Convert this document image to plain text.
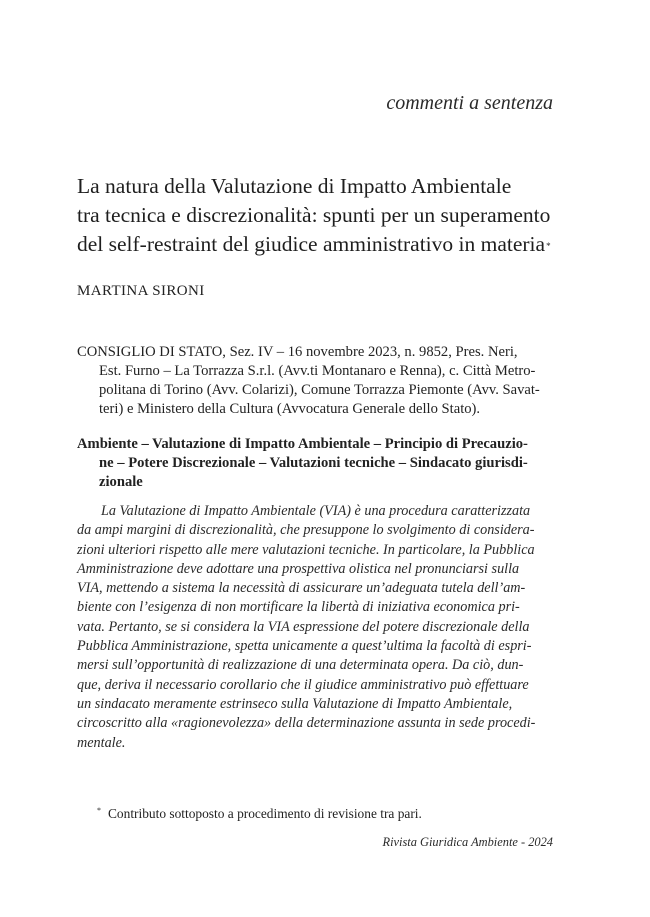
commenti a sentenza
La natura della Valutazione di Impatto Ambientale
tra tecnica e discrezionalità: spunti per un superamento
del self-restraint del giudice amministrativo in materia*
MARTINA SIRONI
CONSIGLIO DI STATO, Sez. IV – 16 novembre 2023, n. 9852, Pres. Neri,
Est. Furno – La Torrazza S.r.l. (Avv.ti Montanaro e Renna), c. Città Metro-
politana di Torino (Avv. Colarizi), Comune Torrazza Piemonte (Avv. Savat-
teri) e Ministero della Cultura (Avvocatura Generale dello Stato).
Ambiente – Valutazione di Impatto Ambientale – Principio di Precauzio-
ne – Potere Discrezionale – Valutazioni tecniche – Sindacato giurisdi-
zionale
La Valutazione di Impatto Ambientale (VIA) è una procedura caratterizzata
da ampi margini di discrezionalità, che presuppone lo svolgimento di considera-
zioni ulteriori rispetto alle mere valutazioni tecniche. In particolare, la Pubblica
Amministrazione deve adottare una prospettiva olistica nel pronunciarsi sulla
VIA, mettendo a sistema la necessità di assicurare un’adeguata tutela dell’am-
biente con l’esigenza di non mortificare la libertà di iniziativa economica pri-
vata. Pertanto, se si considera la VIA espressione del potere discrezionale della
Pubblica Amministrazione, spetta unicamente a quest’ultima la facoltà di espri-
mersi sull’opportunità di realizzazione di una determinata opera. Da ciò, dun-
que, deriva il necessario corollario che il giudice amministrativo può effettuare
un sindacato meramente estrinseco sulla Valutazione di Impatto Ambientale,
circoscritto alla «ragionevolezza» della determinazione assunta in sede procedi-
mentale.
* Contributo sottoposto a procedimento di revisione tra pari.
Rivista Giuridica Ambiente - 2024
